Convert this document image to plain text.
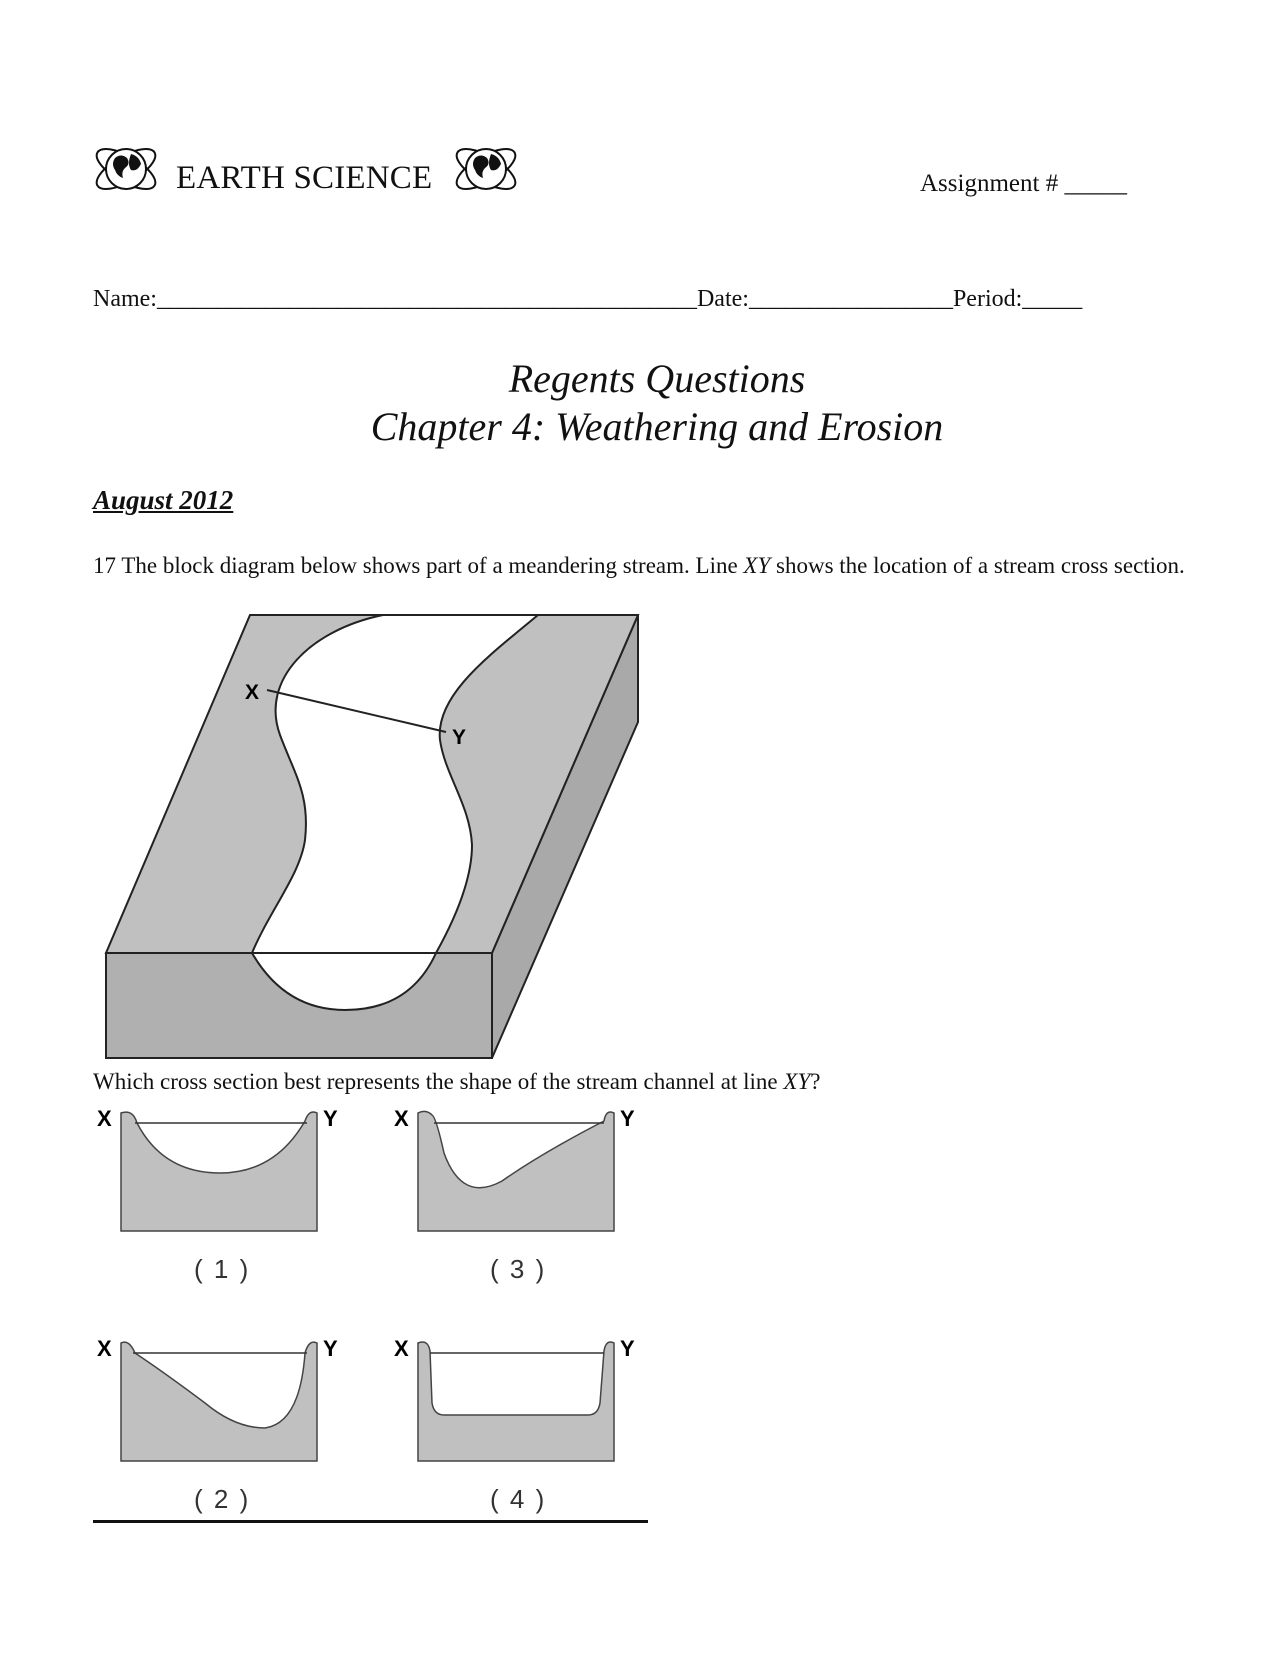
EARTH SCIENCE	Assignment # _____
Name:_____________________________________________Date:_________________Period:_____
Regents Questions
Chapter 4: Weathering and Erosion
August 2012
17 The block diagram below shows part of a meandering stream. Line XY shows the location of a stream cross section.
X
Y
Which cross section best represents the shape of the stream channel at line XY?
X	Y
( 1 )
X	Y
( 3 )
X	Y
( 2 )
X	Y
( 4 )
